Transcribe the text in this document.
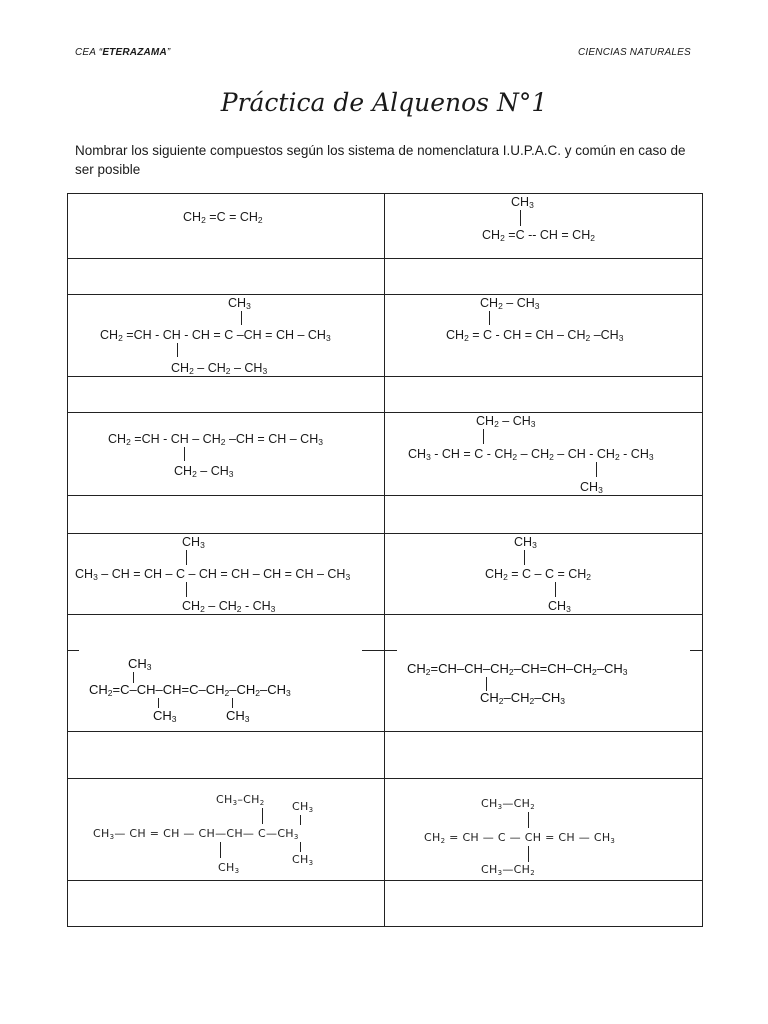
CEA “ETERAZAMA”	CIENCIAS NATURALES
Práctica de Alquenos N°1
Nombrar los siguiente compuestos según los sistema de nomenclatura I.U.P.A.C. y común en caso de ser posible
$CH_2 =C = CH_2$
$CH_3$
$CH_2 =C$ -- CH = $CH_2$
$CH_3$
$CH_2 =CH$ - CH - CH = C –CH = CH – $CH_3$
$CH_2 - CH_2 - CH_3$
$CH_2 - CH_3$
$CH_2 = C$ - CH = CH – $CH_2$ $-CH_3$
$CH_2 =CH$ - CH – $CH_2$ –CH = CH – $CH_3$
$CH_2 - CH_3$
$CH_2 - CH_3$
$CH_3$ - CH = C - $CH_2 - CH_2$ – CH - $CH_2 - CH_3$
$CH_3$
$CH_3$
$CH_3$ – CH = CH – C – CH = CH – CH = CH – $CH_3$
$CH_2 - CH_2 - CH_3$
$CH_3$
$CH_2 = C - C = CH_2$
$CH_3$
$CH_3$
$CH_2=C-CH-CH=C-CH_2-CH_2-CH_3$
$CH_3$	$CH_3$
$CH_2=CH-CH-CH_2-CH=CH-CH_2-CH_3$
$CH_2-CH_2-CH_3$
$CH_3-CH_2$	$CH_3$
$CH_3—$ CH = CH — CH—CH— $C—CH_3$
$CH_3$
$CH_3$
$CH_3—CH_2$
$CH_2$ = CH — C — CH = CH — $CH_3$
$CH_3—CH_2$
